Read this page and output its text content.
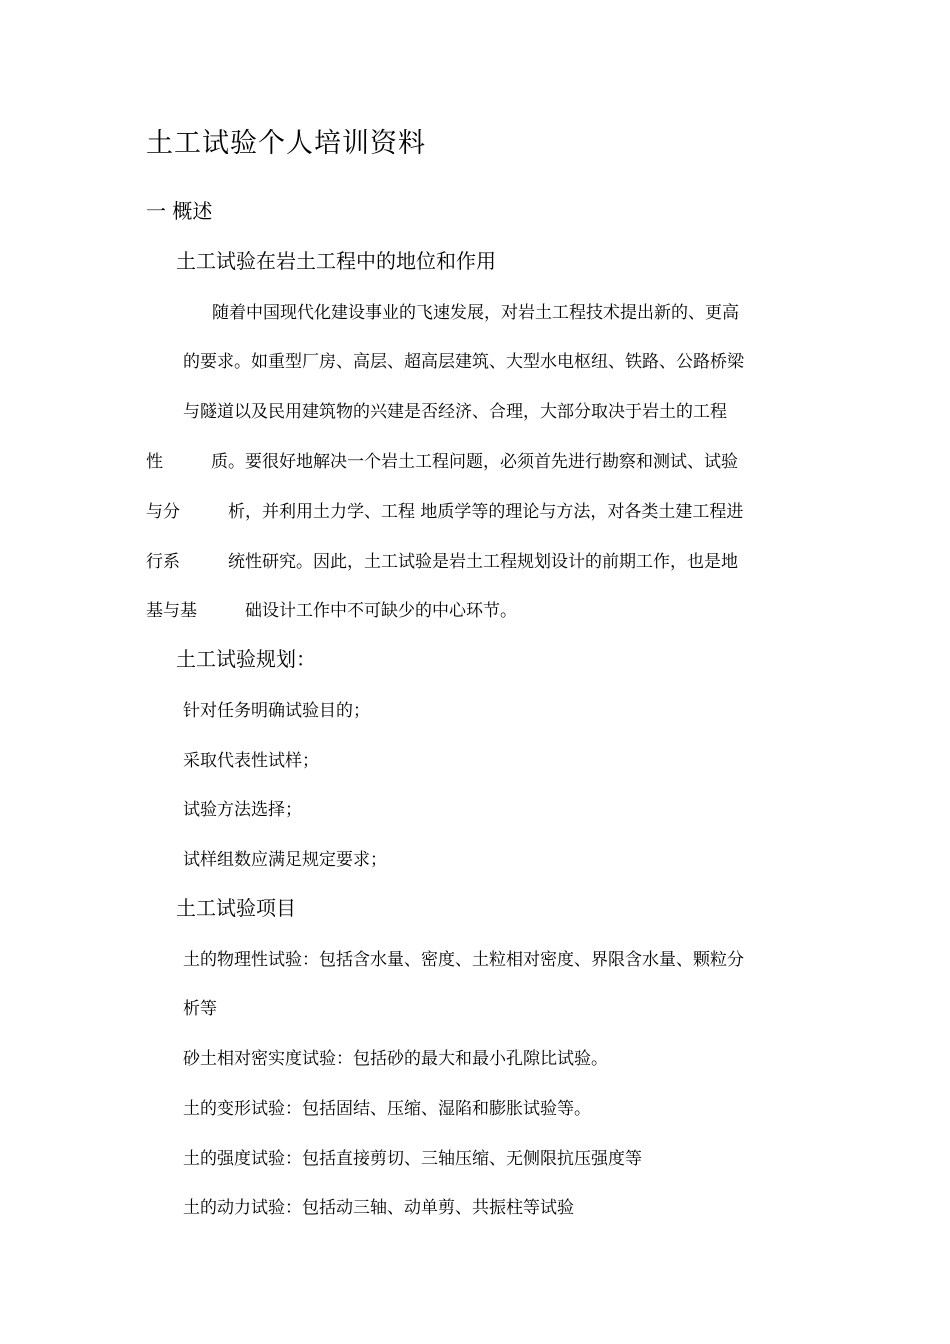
土工试验个人培训资料
一 概述
土工试验在岩土工程中的地位和作用
随着中国现代化建设事业的飞速发展，对岩土工程技术提出新的、更高
的要求。如重型厂房、高层、超高层建筑、大型水电枢纽、铁路、公路桥梁
与隧道以及民用建筑物的兴建是否经济、合理，大部分取决于岩土的工程
性	质。要很好地解决一个岩土工程问题，必须首先进行勘察和测试、试验
与分	析，并利用土力学、工程 地质学等的理论与方法，对各类土建工程进
行系	统性研究。因此，土工试验是岩土工程规划设计的前期工作，也是地
基与基	础设计工作中不可缺少的中心环节。
土工试验规划：
针对任务明确试验目的；
采取代表性试样；
试验方法选择；
试样组数应满足规定要求；
土工试验项目
土的物理性试验：包括含水量、密度、土粒相对密度、界限含水量、颗粒分
析等
砂土相对密实度试验：包括砂的最大和最小孔隙比试验。
土的变形试验：包括固结、压缩、湿陷和膨胀试验等。
土的强度试验：包括直接剪切、三轴压缩、无侧限抗压强度等
土的动力试验：包括动三轴、动单剪、共振柱等试验
